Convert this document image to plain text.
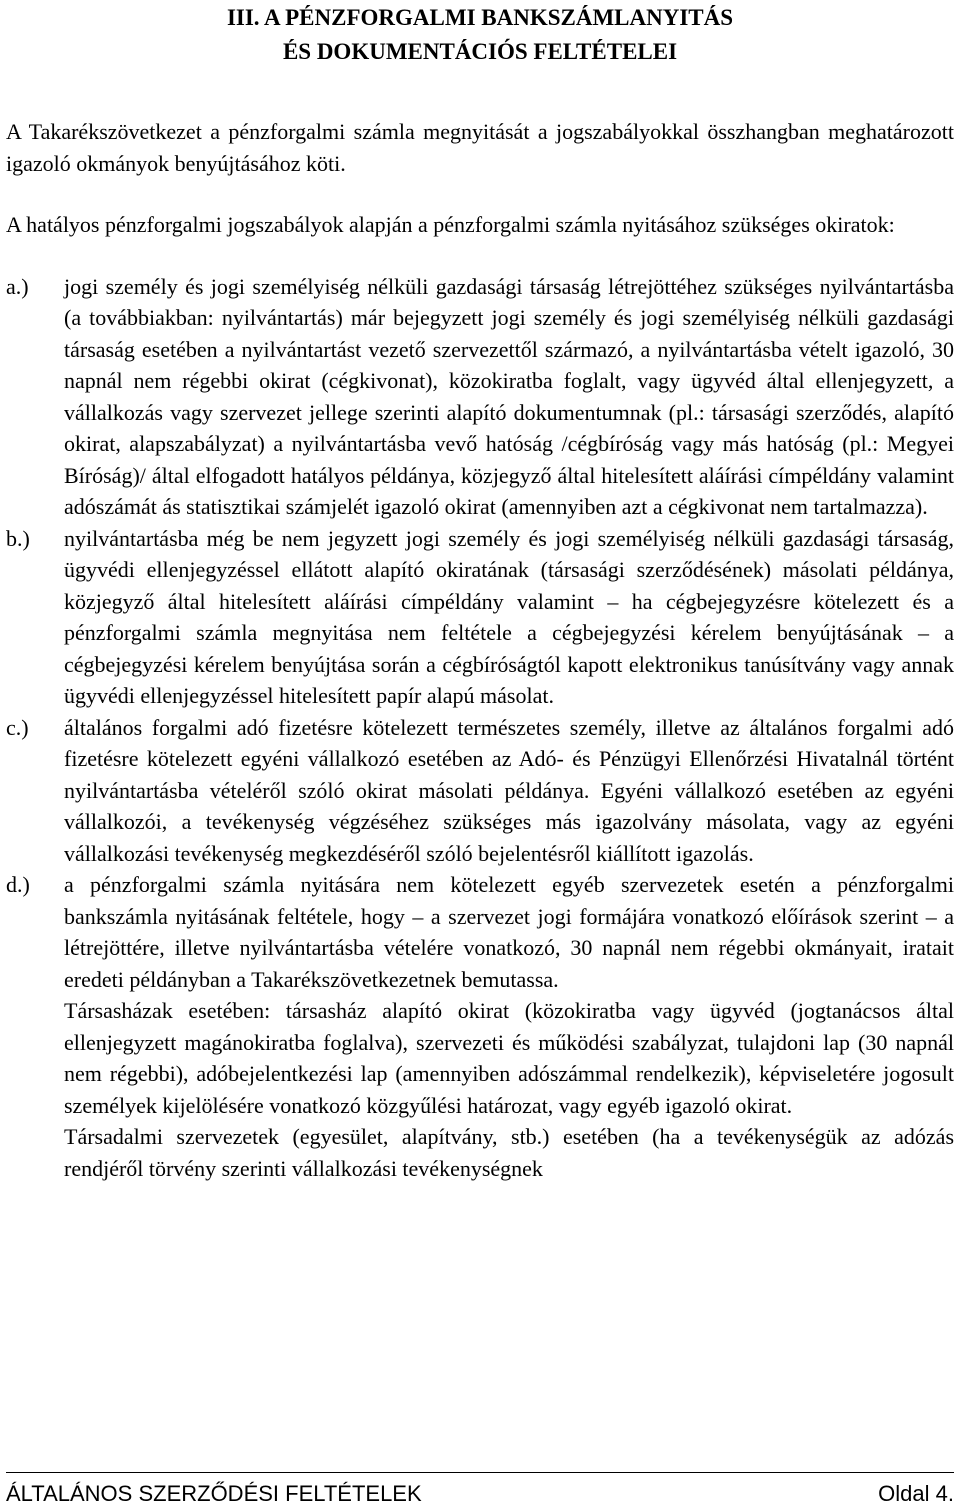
III. A PÉNZFORGALMI BANKSZÁMLANYITÁS
ÉS DOKUMENTÁCIÓS FELTÉTELEI

A Takarékszövetkezet a pénzforgalmi számla megnyitását a jogszabályokkal összhangban meghatározott igazoló okmányok benyújtásához köti.

A hatályos pénzforgalmi jogszabályok alapján a pénzforgalmi számla nyitásához szükséges okiratok:

a.)	jogi személy és jogi személyiség nélküli gazdasági társaság létrejöttéhez szükséges nyilvántartásba (a továbbiakban: nyilvántartás) már bejegyzett jogi személy és jogi személyiség nélküli gazdasági társaság esetében a nyilvántartást vezető szervezettől származó, a nyilvántartásba vételt igazoló, 30 napnál nem régebbi okirat (cégkivonat), közokiratba foglalt, vagy ügyvéd által ellenjegyzett, a vállalkozás vagy szervezet jellege szerinti alapító dokumentumnak (pl.: társasági szerződés, alapító okirat, alapszabályzat) a nyilvántartásba vevő hatóság /cégbíróság vagy más hatóság (pl.: Megyei Bíróság)/ által elfogadott hatályos példánya, közjegyző által hitelesített aláírási címpéldány valamint adószámát ás statisztikai számjelét igazoló okirat (amennyiben azt a cégkivonat nem tartalmazza).
b.)	nyilvántartásba még be nem jegyzett jogi személy és jogi személyiség nélküli gazdasági társaság, ügyvédi ellenjegyzéssel ellátott alapító okiratának (társasági szerződésének) másolati példánya, közjegyző által hitelesített aláírási címpéldány valamint – ha cégbejegyzésre kötelezett és a pénzforgalmi számla megnyitása nem feltétele a cégbejegyzési kérelem benyújtásának – a cégbejegyzési kérelem benyújtása során a cégbíróságtól kapott elektronikus tanúsítvány vagy annak ügyvédi ellenjegyzéssel hitelesített papír alapú másolat.
c.)	általános forgalmi adó fizetésre kötelezett természetes személy, illetve az általános forgalmi adó fizetésre kötelezett egyéni vállalkozó esetében az Adó- és Pénzügyi Ellenőrzési Hivatalnál történt nyilvántartásba vételéről szóló okirat másolati példánya. Egyéni vállalkozó esetében az egyéni vállalkozói, a tevékenység végzéséhez szükséges más igazolvány másolata, vagy az egyéni vállalkozási tevékenység megkezdéséről szóló bejelentésről kiállított igazolás.
d.)	a pénzforgalmi számla nyitására nem kötelezett egyéb szervezetek esetén a pénzforgalmi bankszámla nyitásának feltétele, hogy – a szervezet jogi formájára vonatkozó előírások szerint – a létrejöttére, illetve nyilvántartásba vételére vonatkozó, 30 napnál nem régebbi okmányait, iratait eredeti példányban a Takarékszövetkezetnek bemutassa.

Társasházak esetében: társasház alapító okirat (közokiratba vagy ügyvéd (jogtanácsos által ellenjegyzett magánokiratba foglalva), szervezeti és működési szabályzat, tulajdoni lap (30 napnál nem régebbi), adóbejelentkezési lap (amennyiben adószámmal rendelkezik), képviseletére jogosult személyek kijelölésére vonatkozó közgyűlési határozat, vagy egyéb igazoló okirat.

Társadalmi szervezetek (egyesület, alapítvány, stb.) esetében (ha a tevékenységük az adózás rendjéről törvény szerinti vállalkozási tevékenységnek

ÁLTALÁNOS SZERZŐDÉSI FELTÉTELEK	Oldal 4.
